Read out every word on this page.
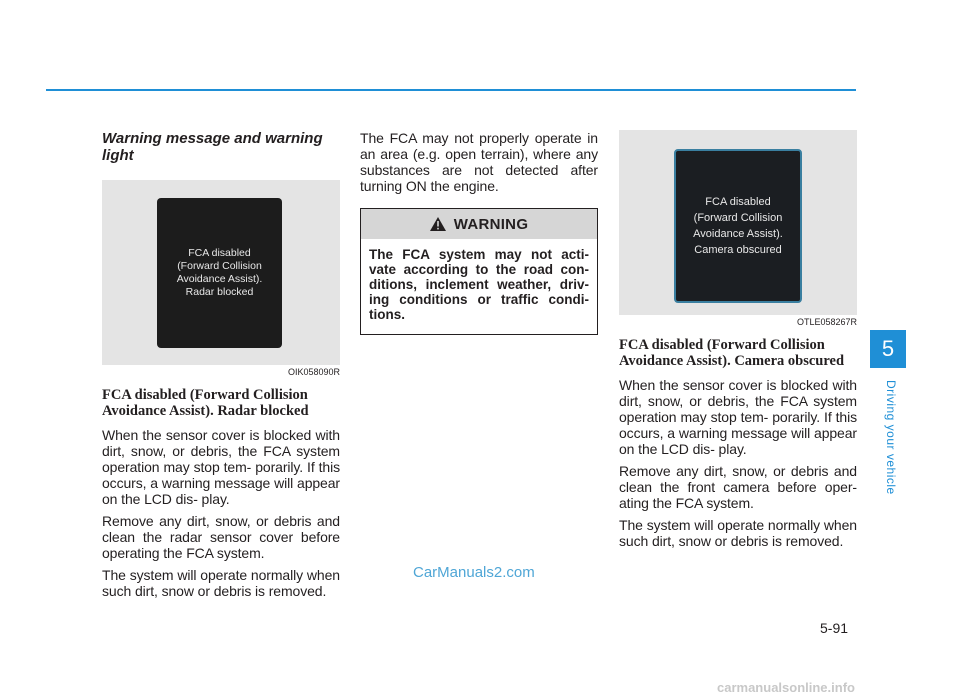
Warning message and warning light

FCA disabled (Forward Collision Avoidance Assist). Radar blocked
OIK058090R

FCA disabled (Forward Collision Avoidance Assist). Radar blocked

When the sensor cover is blocked with dirt, snow, or debris, the FCA system operation may stop tem- porarily. If this occurs, a warning message will appear on the LCD dis- play.

Remove any dirt, snow, or debris and clean the radar sensor cover before operating the FCA system.

The system will operate normally when such dirt, snow or debris is removed.

The FCA may not properly operate in an area (e.g. open terrain), where any substances are not detected after turning ON the engine.

WARNING
The FCA system may not acti- vate according to the road con- ditions, inclement weather, driv- ing conditions or traffic condi- tions.
FCA disabled (Forward Collision Avoidance Assist). Camera obscured
OTLE058267R

FCA disabled (Forward Collision Avoidance Assist). Camera obscured

When the sensor cover is blocked with dirt, snow, or debris, the FCA system operation may stop tem- porarily. If this occurs, a warning message will appear on the LCD dis- play.

Remove any dirt, snow, or debris and clean the front camera before oper- ating the FCA system.

The system will operate normally when such dirt, snow or debris is removed.

5
Driving your vehicle
5-91
CarManuals2.com
carmanualsonline.info
